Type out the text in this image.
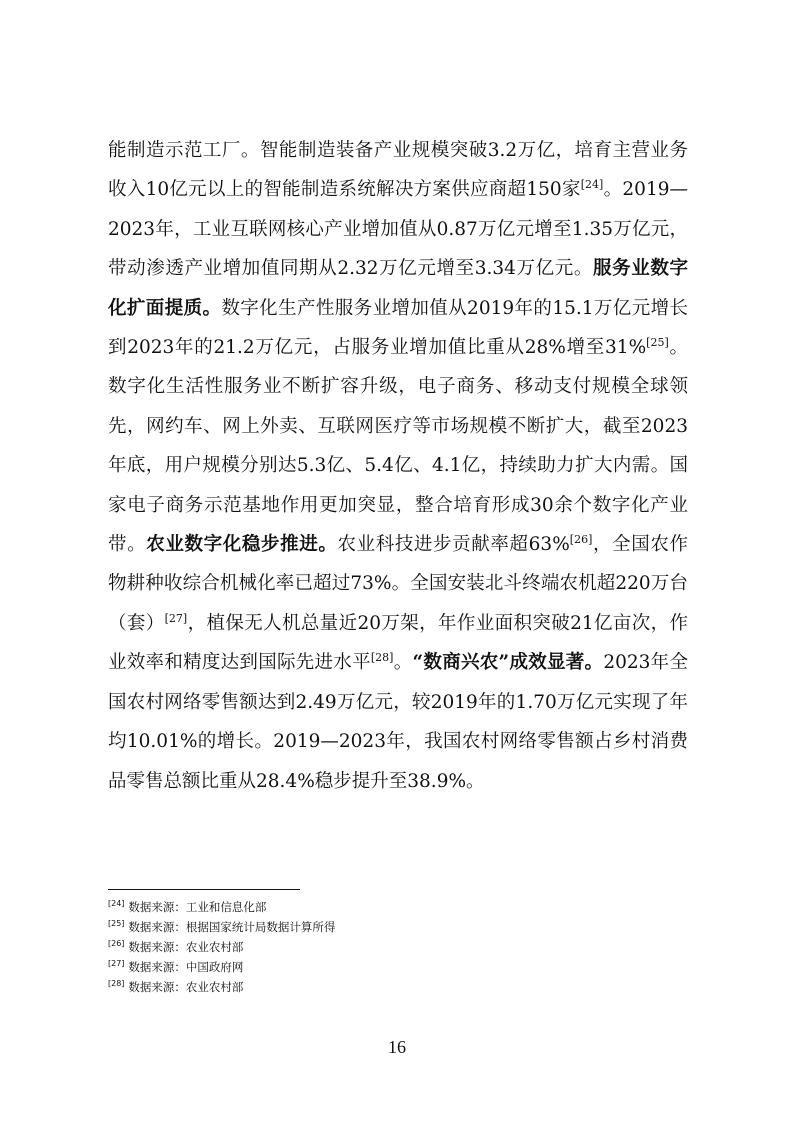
能制造示范工厂。智能制造装备产业规模突破3.2万亿，培育主营业务收入10亿元以上的智能制造系统解决方案供应商超150家[24]。2019—2023年，工业互联网核心产业增加值从0.87万亿元增至1.35万亿元，带动渗透产业增加值同期从2.32万亿元增至3.34万亿元。服务业数字化扩面提质。数字化生产性服务业增加值从2019年的15.1万亿元增长到2023年的21.2万亿元，占服务业增加值比重从28%增至31%[25]。数字化生活性服务业不断扩容升级，电子商务、移动支付规模全球领先，网约车、网上外卖、互联网医疗等市场规模不断扩大，截至2023年底，用户规模分别达5.3亿、5.4亿、4.1亿，持续助力扩大内需。国家电子商务示范基地作用更加突显，整合培育形成30余个数字化产业带。农业数字化稳步推进。农业科技进步贡献率超63%[26]，全国农作物耕种收综合机械化率已超过73%。全国安装北斗终端农机超220万台（套）[27]，植保无人机总量近20万架，年作业面积突破21亿亩次，作业效率和精度达到国际先进水平[28]。“数商兴农”成效显著。2023年全国农村网络零售额达到2.49万亿元，较2019年的1.70万亿元实现了年均10.01%的增长。2019—2023年，我国农村网络零售额占乡村消费品零售总额比重从28.4%稳步提升至38.9%。
[24] 数据来源：工业和信息化部
[25] 数据来源：根据国家统计局数据计算所得
[26] 数据来源：农业农村部
[27] 数据来源：中国政府网
[28] 数据来源：农业农村部
16
